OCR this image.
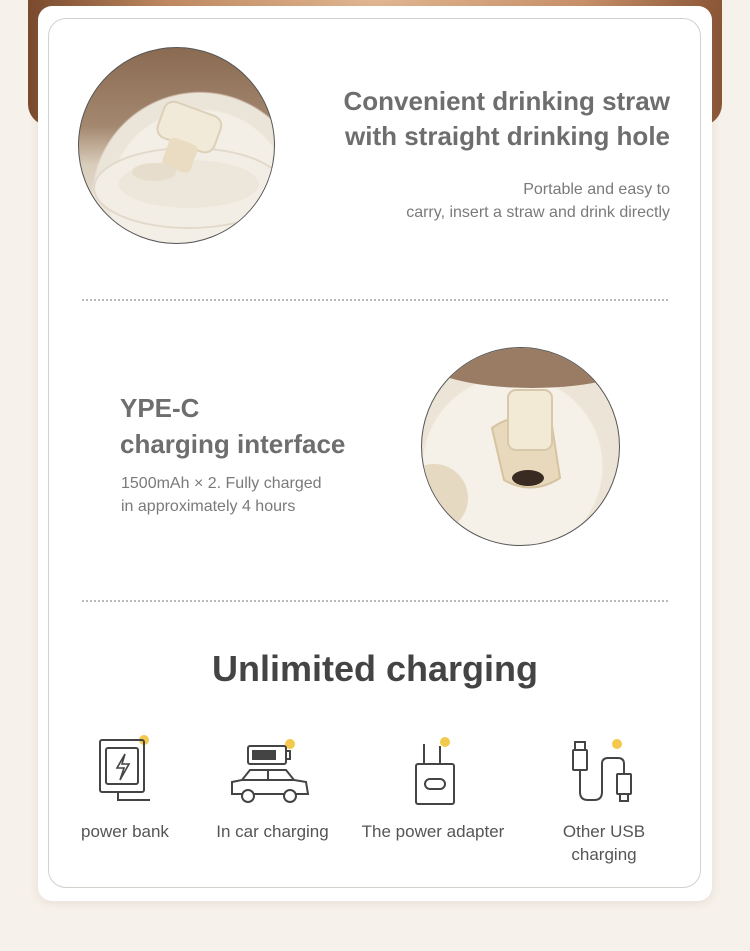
Convenient drinking straw
with straight drinking hole
Portable and easy to
carry, insert a straw and drink directly
YPE-C
charging interface
1500mAh × 2. Fully charged
in approximately 4 hours
Unlimited charging
power bank	In car charging	The power adapter	Other USB
charging
